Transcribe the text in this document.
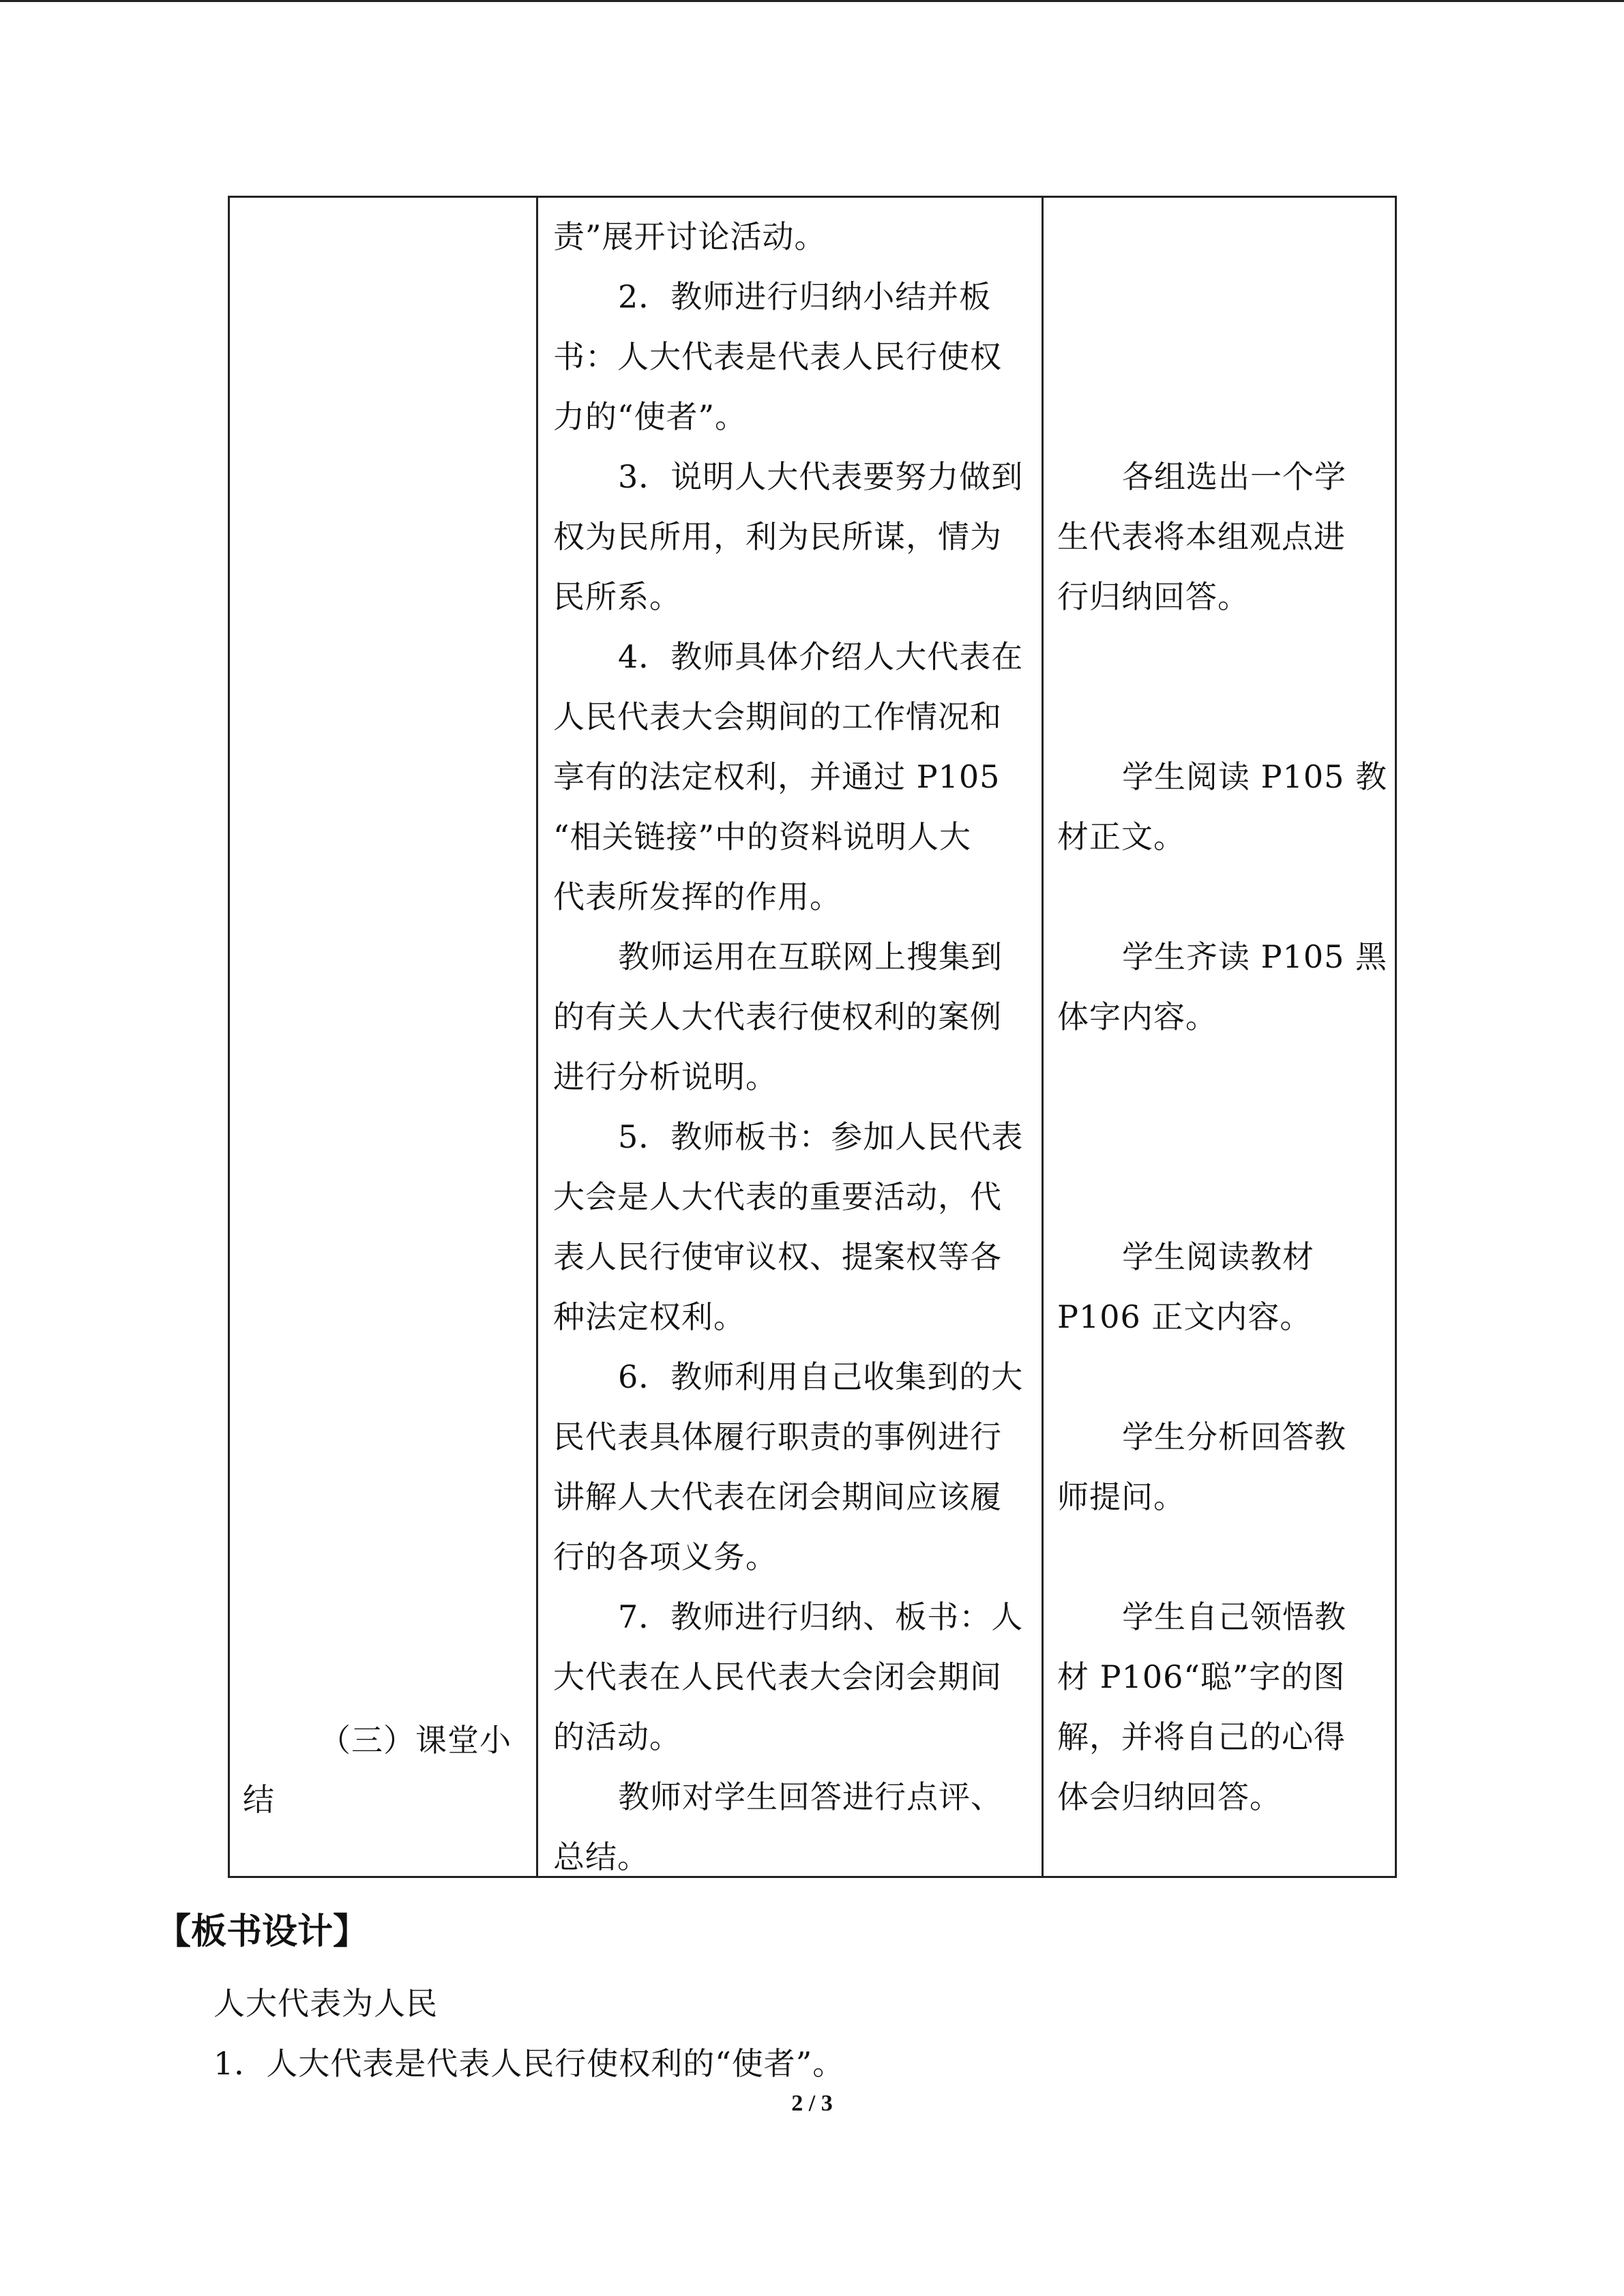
（三）课堂小
结
责”展开讨论活动。
2．教师进行归纳小结并板
书：人大代表是代表人民行使权
力的“使者”。
3．说明人大代表要努力做到
权为民所用，利为民所谋，情为
民所系。
4．教师具体介绍人大代表在
人民代表大会期间的工作情况和
享有的法定权利，并通过 P105
“相关链接”中的资料说明人大
代表所发挥的作用。
教师运用在互联网上搜集到
的有关人大代表行使权利的案例
进行分析说明。
5．教师板书：参加人民代表
大会是人大代表的重要活动，代
表人民行使审议权、提案权等各
种法定权利。
6．教师利用自己收集到的大
民代表具体履行职责的事例进行
讲解人大代表在闭会期间应该履
行的各项义务。
7．教师进行归纳、板书：人
大代表在人民代表大会闭会期间
的活动。
教师对学生回答进行点评、
总结。
各组选出一个学
生代表将本组观点进
行归纳回答。
学生阅读 P105 教
材正文。
学生齐读 P105 黑
体字内容。
学生阅读教材
P106 正文内容。
学生分析回答教
师提问。
学生自己领悟教
材 P106“聪”字的图
解，并将自己的心得
体会归纳回答。
【板书设计】
人大代表为人民
1．人大代表是代表人民行使权利的“使者”。
2 / 3
